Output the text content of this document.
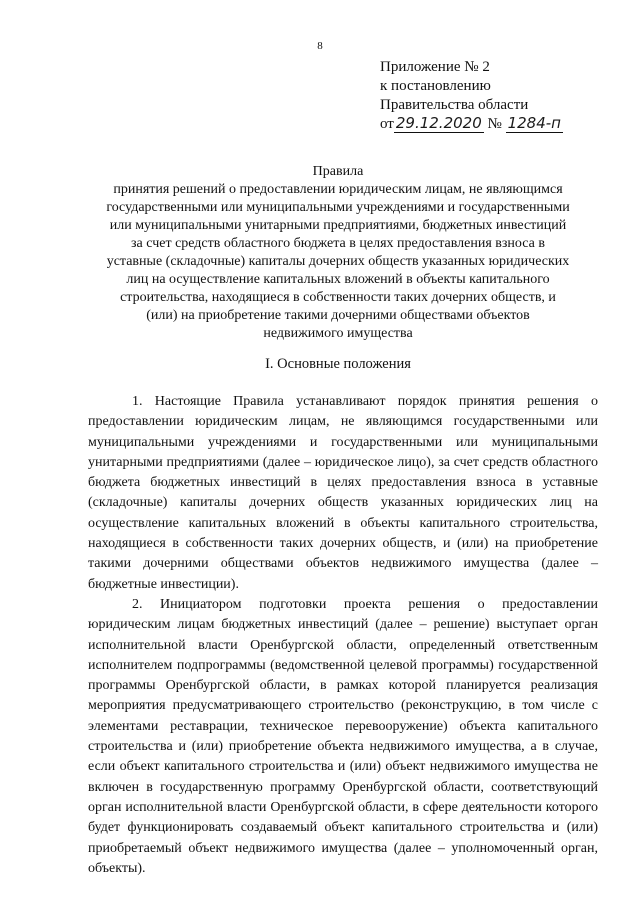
8
Приложение № 2
к постановлению
Правительства области
от 29.12.2020 № 1284-п
Правила
принятия решений о предоставлении юридическим лицам, не являющимся
государственными или муниципальными учреждениями и государственными
или муниципальными унитарными предприятиями, бюджетных инвестиций
за счет средств областного бюджета в целях предоставления взноса в
уставные (складочные) капиталы дочерних обществ указанных юридических
лиц на осуществление капитальных вложений в объекты капитального
строительства, находящиеся в собственности таких дочерних обществ, и
(или) на приобретение такими дочерними обществами объектов
недвижимого имущества
I. Основные положения

1. Настоящие Правила устанавливают порядок принятия решения о предоставлении юридическим лицам, не являющимся государственными или муниципальными учреждениями и государственными или муниципальными унитарными предприятиями (далее – юридическое лицо), за счет средств областного бюджета бюджетных инвестиций в целях предоставления взноса в уставные (складочные) капиталы дочерних обществ указанных юридических лиц на осуществление капитальных вложений в объекты капитального строительства, находящиеся в собственности таких дочерних обществ, и (или) на приобретение такими дочерними обществами объектов недвижимого имущества (далее – бюджетные инвестиции).

2. Инициатором подготовки проекта решения о предоставлении юридическим лицам бюджетных инвестиций (далее – решение) выступает орган исполнительной власти Оренбургской области, определенный ответственным исполнителем подпрограммы (ведомственной целевой программы) государственной программы Оренбургской области, в рамках которой планируется реализация мероприятия предусматривающего строительство (реконструкцию, в том числе с элементами реставрации, техническое перевооружение) объекта капитального строительства и (или) приобретение объекта недвижимого имущества, а в случае, если объект капитального строительства и (или) объект недвижимого имущества не включен в государственную программу Оренбургской области, соответствующий орган исполнительной власти Оренбургской области, в сфере деятельности которого будет функционировать создаваемый объект капитального строительства и (или) приобретаемый объект недвижимого имущества (далее – уполномоченный орган, объекты).
